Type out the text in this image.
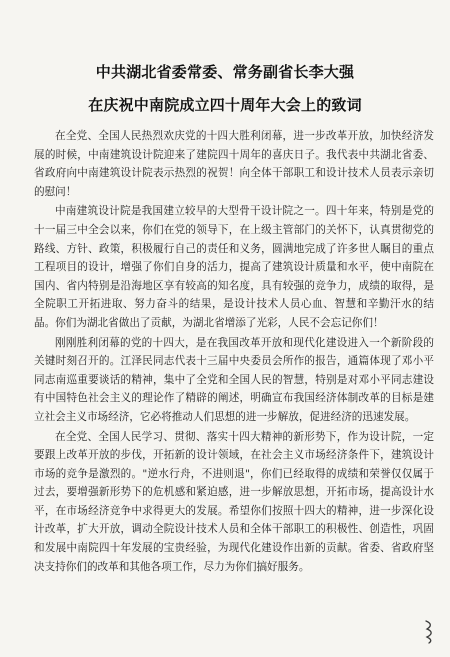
中共湖北省委常委、常务副省长李大强
在庆祝中南院成立四十周年大会上的致词

在全党、全国人民热烈欢庆党的十四大胜利闭幕，进一步改革开放，加快经济发展的时候，中南建筑设计院迎来了建院四十周年的喜庆日子。我代表中共湖北省委、省政府向中南建筑设计院表示热烈的祝贺！向全体干部职工和设计技术人员表示亲切的慰问！

中南建筑设计院是我国建立较早的大型骨干设计院之一。四十年来，特别是党的十一届三中全会以来，你们在党的领导下，在上级主管部门的关怀下，认真贯彻党的路线、方针、政策，积极履行自己的责任和义务，圆满地完成了许多世人瞩目的重点工程项目的设计，增强了你们自身的活力，提高了建筑设计质量和水平，使中南院在国内、省内特别是沿海地区享有较高的知名度，具有较强的竞争力，成绩的取得，是全院职工开拓进取、努力奋斗的结果，是设计技术人员心血、智慧和辛勤汗水的结晶。你们为湖北省做出了贡献，为湖北省增添了光彩，人民不会忘记你们！

刚刚胜利闭幕的党的十四大，是在我国改革开放和现代化建设进入一个新阶段的关键时刻召开的。江泽民同志代表十三届中央委员会所作的报告，通篇体现了邓小平同志南巡重要谈话的精神，集中了全党和全国人民的智慧，特别是对邓小平同志建设有中国特色社会主义的理论作了精辟的阐述，明确宣布我国经济体制改革的目标是建立社会主义市场经济，它必将推动人们思想的进一步解放，促进经济的迅速发展。

在全党、全国人民学习、贯彻、落实十四大精神的新形势下，作为设计院，一定要跟上改革开放的步伐，开拓新的设计领域，在社会主义市场经济条件下，建筑设计市场的竞争是激烈的。"逆水行舟，不进则退"，你们已经取得的成绩和荣誉仅仅属于过去，要增强新形势下的危机感和紧迫感，进一步解放思想，开拓市场，提高设计水平，在市场经济竞争中求得更大的发展。希望你们按照十四大的精神，进一步深化设计改革，扩大开放，调动全院设计技术人员和全体干部职工的积极性、创造性，巩固和发展中南院四十年发展的宝贵经验，为现代化建设作出新的贡献。省委、省政府坚决支持你们的改革和其他各项工作，尽力为你们搞好服务。
